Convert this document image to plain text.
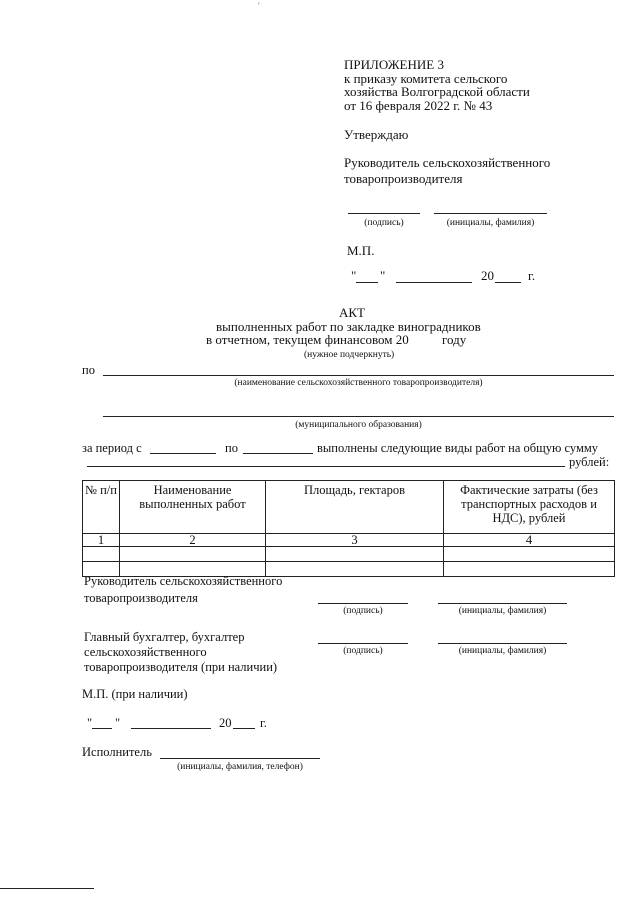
'
ПРИЛОЖЕНИЕ 3
к приказу комитета сельского
хозяйства Волгоградской области
от 16 февраля 2022 г. № 43
Утверждаю
Руководитель сельскохозяйственного
товаропроизводителя
(подпись)	(инициалы, фамилия)
М.П.
" "	20	г.
АКТ
выполненных работ по закладке виноградников
в отчетном, текущем финансовом 20	году
(нужное подчеркнуть)
по
(наименование сельскохозяйственного товаропроизводителя)
(муниципального образования)
за период с	по	выполнены следующие виды работ на общую сумму
рублей:
№ п/п	Наименование выполненных работ	Площадь, гектаров	Фактические затраты (без транспортных расходов и НДС), рублей
1	2	3	4

Руководитель сельскохозяйственного
товаропроизводителя
(подпись)	(инициалы, фамилия)
Главный бухгалтер, бухгалтер
сельскохозяйственного
товаропроизводителя (при наличии)
(подпись)	(инициалы, фамилия)
М.П. (при наличии)
" "	20 г.
Исполнитель
(инициалы, фамилия, телефон)
